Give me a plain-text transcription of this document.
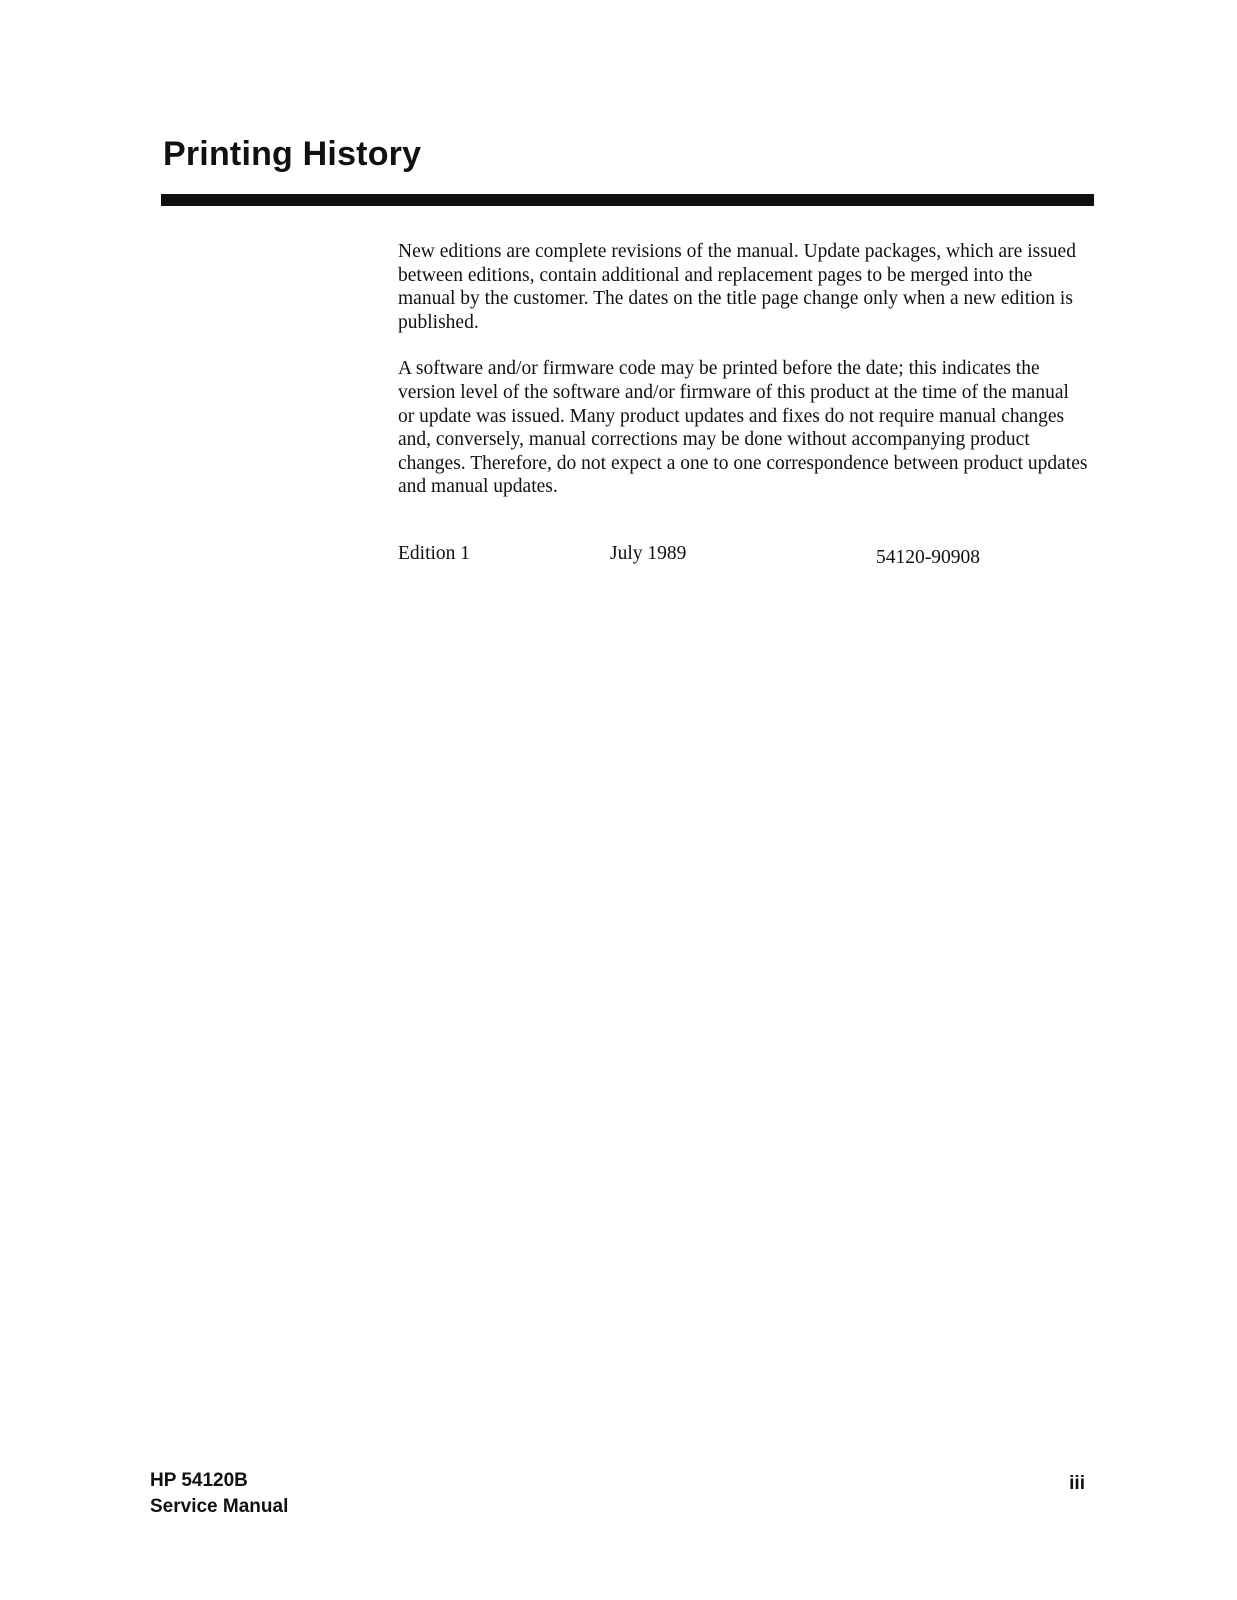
Printing History

New editions are complete revisions of the manual. Update packages, which are issued between editions, contain additional and replacement pages to be merged into the manual by the customer. The dates on the title page change only when a new edition is published.

A software and/or firmware code may be printed before the date; this indicates the version level of the software and/or firmware of this product at the time of the manual or update was issued. Many product updates and fixes do not require manual changes and, conversely, manual corrections may be done without accompanying product changes. Therefore, do not expect a one to one correspondence between product updates and manual updates.

Edition 1	July 1989	54120-90908
HP 54120B
Service Manual
iii
